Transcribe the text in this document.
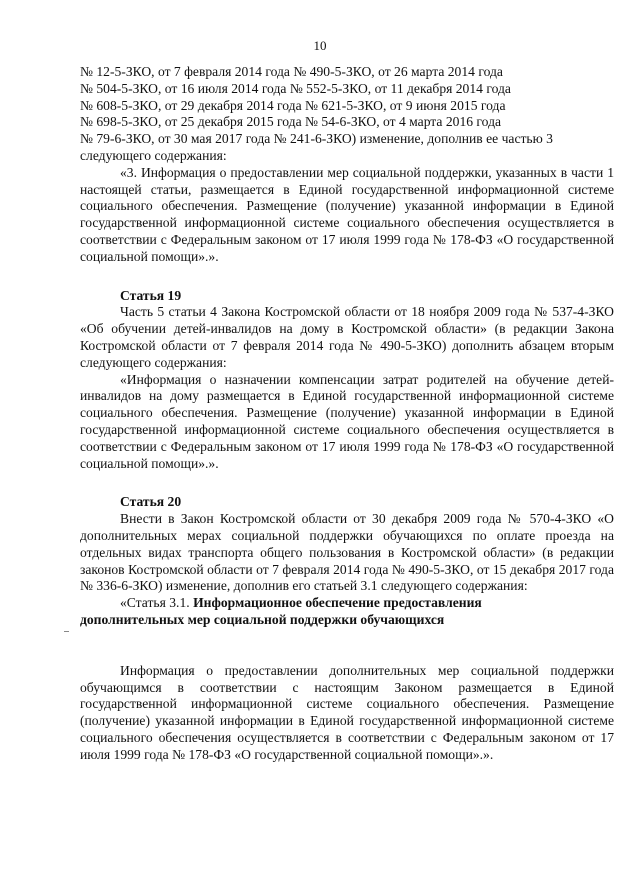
10

№ 12-5-ЗКО, от 7 февраля 2014 года № 490-5-ЗКО, от 26 марта 2014 года

№ 504-5-ЗКО, от 16 июля 2014 года № 552-5-ЗКО, от 11 декабря 2014 года

№ 608-5-ЗКО, от 29 декабря 2014 года № 621-5-ЗКО, от 9 июня 2015 года

№ 698-5-ЗКО, от 25 декабря 2015 года № 54-6-ЗКО, от 4 марта 2016 года

№ 79-6-ЗКО, от 30 мая 2017 года № 241-6-ЗКО) изменение, дополнив ее частью 3

следующего содержания:

«3. Информация о предоставлении мер социальной поддержки, указанных в части 1 настоящей статьи, размещается в Единой государственной информационной системе социального обеспечения. Размещение (получение) указанной информации в Единой государственной информационной системе социального обеспечения осуществляется в соответствии с Федеральным законом от 17 июля 1999 года № 178-ФЗ «О государственной социальной помощи».».

Статья 19

Часть 5 статьи 4 Закона Костромской области от 18 ноября 2009 года № 537-4-ЗКО «Об обучении детей-инвалидов на дому в Костромской области» (в редакции Закона Костромской области от 7 февраля 2014 года № 490-5-ЗКО) дополнить абзацем вторым следующего содержания:

«Информация о назначении компенсации затрат родителей на обучение детей-инвалидов на дому размещается в Единой государственной информационной системе социального обеспечения. Размещение (получение) указанной информации в Единой государственной информационной системе социального обеспечения осуществляется в соответствии с Федеральным законом от 17 июля 1999 года № 178-ФЗ «О государственной социальной помощи».».

Статья 20

Внести в Закон Костромской области от 30 декабря 2009 года № 570-4-ЗКО «О дополнительных мерах социальной поддержки обучающихся по оплате проезда на отдельных видах транспорта общего пользования в Костромской области» (в редакции законов Костромской области от 7 февраля 2014 года № 490-5-ЗКО, от 15 декабря 2017 года № 336-6-ЗКО) изменение, дополнив его статьей 3.1 следующего содержания:

«Статья 3.1. Информационное обеспечение предоставления

дополнительных мер социальной поддержки обучающихся

Информация о предоставлении дополнительных мер социальной поддержки обучающимся в соответствии с настоящим Законом размещается в Единой государственной информационной системе социального обеспечения. Размещение (получение) указанной информации в Единой государственной информационной системе социального обеспечения осуществляется в соответствии с Федеральным законом от 17 июля 1999 года № 178-ФЗ «О государственной социальной помощи».».
